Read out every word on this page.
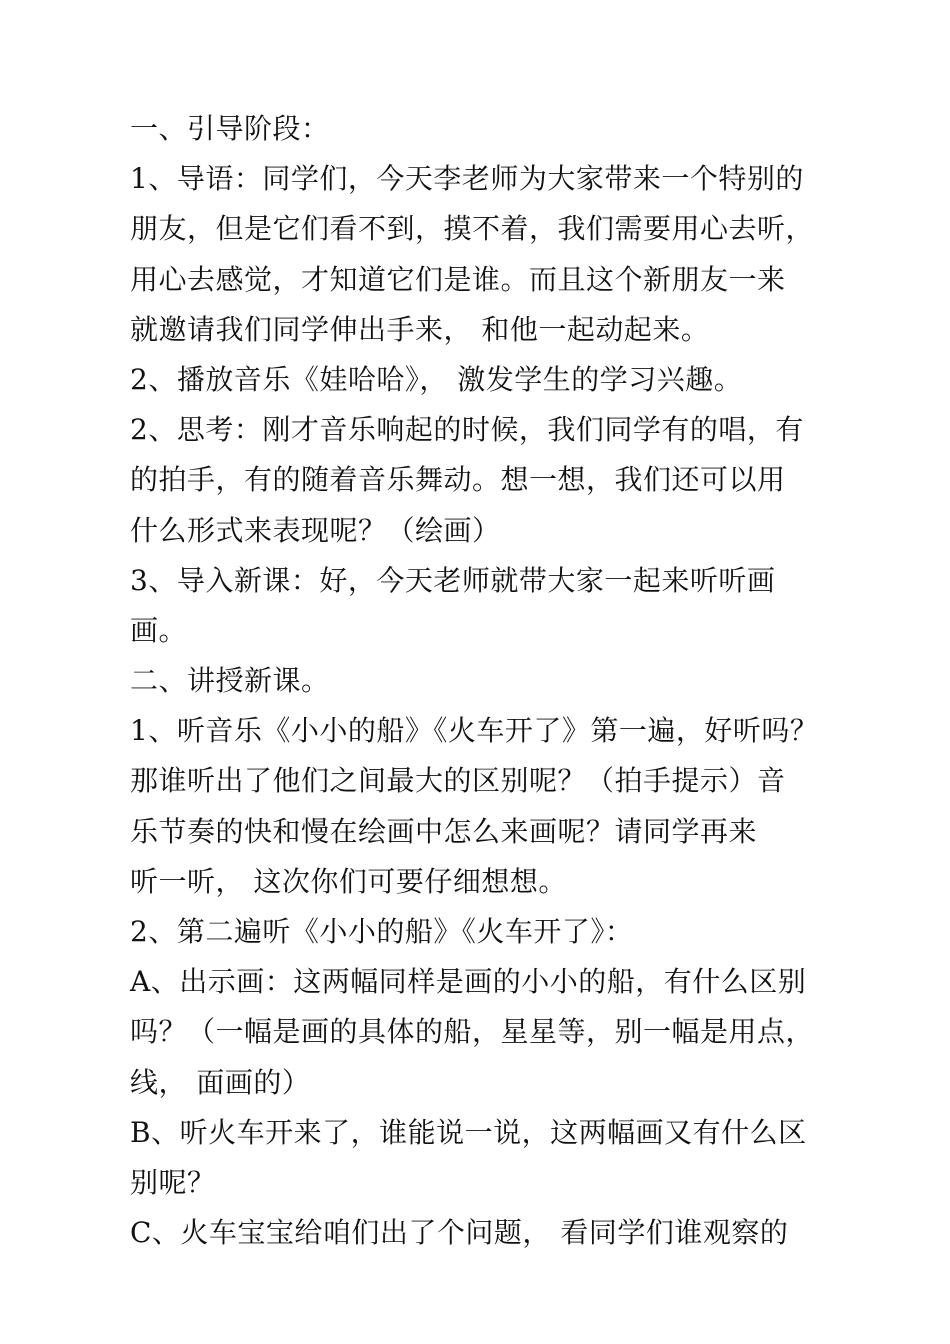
一、引导阶段：
1、导语：同学们，今天李老师为大家带来一个特别的
朋友，但是它们看不到，摸不着，我们需要用心去听，
用心去感觉，才知道它们是谁。而且这个新朋友一来
就邀请我们同学伸出手来， 和他一起动起来。
2、播放音乐《娃哈哈》， 激发学生的学习兴趣。
2、思考：刚才音乐响起的时候，我们同学有的唱，有
的拍手，有的随着音乐舞动。想一想，我们还可以用
什么形式来表现呢？（绘画）
3、导入新课：好，今天老师就带大家一起来听听画
画。
二、讲授新课。
1、听音乐《小小的船》《火车开了》第一遍，好听吗？
那谁听出了他们之间最大的区别呢？（拍手提示）音
乐节奏的快和慢在绘画中怎么来画呢？请同学再来
听一听， 这次你们可要仔细想想。
2、第二遍听《小小的船》《火车开了》：
A、出示画：这两幅同样是画的小小的船，有什么区别
吗？（一幅是画的具体的船，星星等，别一幅是用点，
线， 面画的）
B、听火车开来了，谁能说一说，这两幅画又有什么区
别呢？
C、火车宝宝给咱们出了个问题， 看同学们谁观察的
